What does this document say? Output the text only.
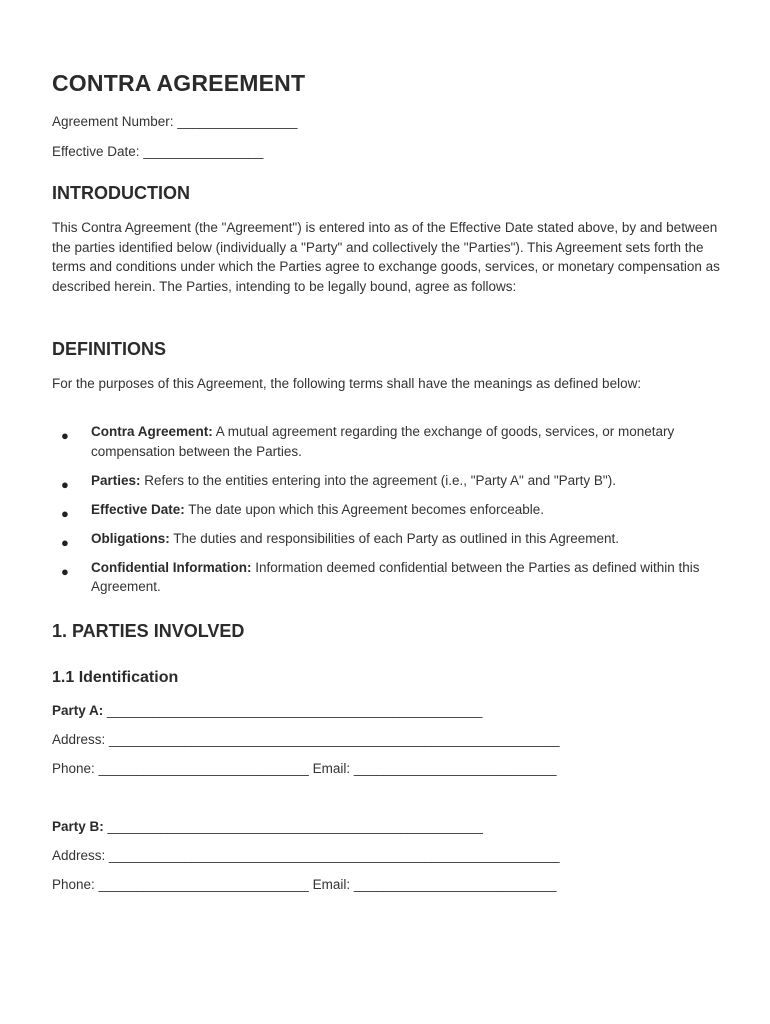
CONTRA AGREEMENT
Agreement Number: ________________
Effective Date: ________________
INTRODUCTION

This Contra Agreement (the "Agreement") is entered into as of the Effective Date stated above, by and between the parties identified below (individually a "Party" and collectively the "Parties"). This Agreement sets forth the terms and conditions under which the Parties agree to exchange goods, services, or monetary compensation as described herein. The Parties, intending to be legally bound, agree as follows:

DEFINITIONS

For the purposes of this Agreement, the following terms shall have the meanings as defined below:

● Contra Agreement: A mutual agreement regarding the exchange of goods, services, or monetary compensation between the Parties.
● Parties: Refers to the entities entering into the agreement (i.e., "Party A" and "Party B").
● Effective Date: The date upon which this Agreement becomes enforceable.
● Obligations: The duties and responsibilities of each Party as outlined in this Agreement.
● Confidential Information: Information deemed confidential between the Parties as defined within this Agreement.
1. PARTIES INVOLVED
1.1 Identification
Party A: __________________________________________________
Address: ____________________________________________________________
Phone: ____________________________ Email: ___________________________
Party B: __________________________________________________
Address: ____________________________________________________________
Phone: ____________________________ Email: ___________________________
